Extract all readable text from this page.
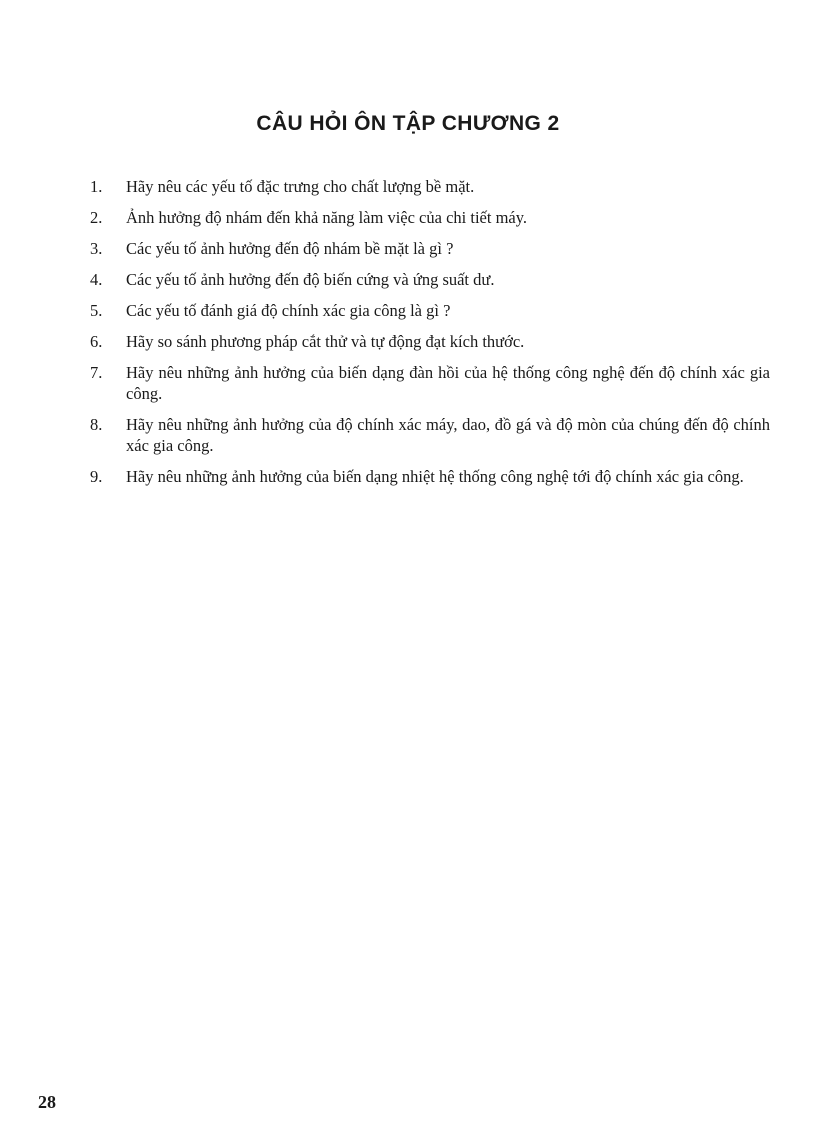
CÂU HỎI ÔN TẬP CHƯƠNG 2
1.	Hãy nêu các yếu tố đặc trưng cho chất lượng bề mặt.
2.	Ảnh hưởng độ nhám đến khả năng làm việc của chi tiết máy.
3.	Các yếu tố ảnh hưởng đến độ nhám bề mặt là gì ?
4.	Các yếu tố ảnh hưởng đến độ biến cứng và ứng suất dư.
5.	Các yếu tố đánh giá độ chính xác gia công là gì ?
6.	Hãy so sánh phương pháp cắt thử và tự động đạt kích thước.
7.	Hãy nêu những ảnh hưởng của biến dạng đàn hồi của hệ thống công nghệ đến độ chính xác gia công.
8.	Hãy nêu những ảnh hưởng của độ chính xác máy, dao, đồ gá và độ mòn của chúng đến độ chính xác gia công.
9.	Hãy nêu những ảnh hưởng của biến dạng nhiệt hệ thống công nghệ tới độ chính xác gia công.
28
